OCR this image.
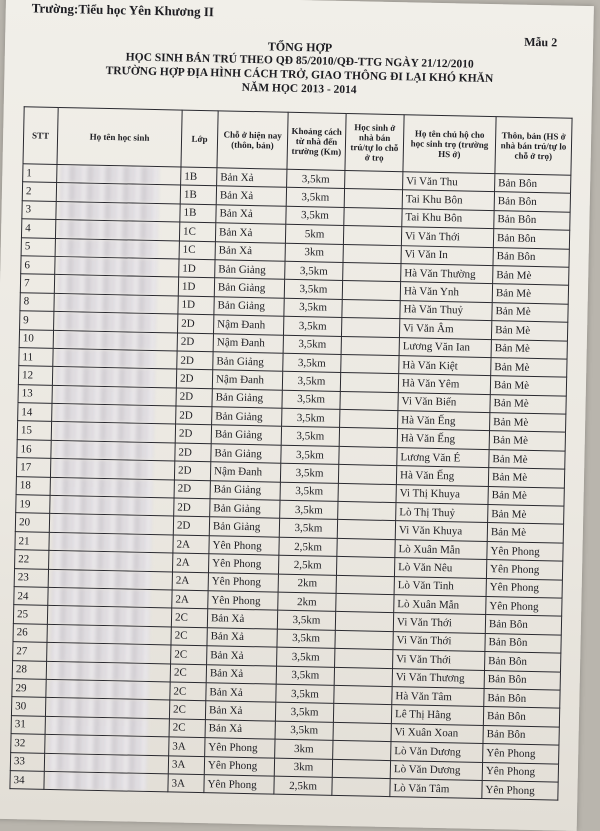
Trường:Tiểu học Yên Khương II
Mẫu 2
TỔNG HỢP
HỌC SINH BÁN TRÚ THEO QĐ 85/2010/QĐ-TTG NGÀY 21/12/2010
TRƯỜNG HỢP ĐỊA HÌNH CÁCH TRỞ, GIAO THÔNG ĐI LẠI KHÓ KHĂN
NĂM HỌC 2013 - 2014
STT	Họ tên học sinh	Lớp	Chỗ ở hiện nay (thôn, bản)	Khoảng cách từ nhà đến trường (Km)	Học sinh ở nhà bán trú/tự lo chỗ ở trọ	Họ tên chủ hộ cho học sinh trọ (trường HS ở)	Thôn, bản (HS ở nhà bán trú/tự lo chỗ ở trọ)
1		1B	Bản Xả	3,5km		Vi Văn Thu	Bản Bôn
2		1B	Bản Xả	3,5km		Tai Khu Bôn	Bản Bôn
3		1B	Bản Xả	3,5km		Tai Khu Bôn	Bản Bôn
4		1C	Bản Xả	5km		Vi Văn Thới	Bản Bôn
5		1C	Bản Xả	3km		Vi Văn In	Bản Bôn
6		1D	Bản Giảng	3,5km		Hà Văn Thường	Bản Mè
7		1D	Bản Giảng	3,5km		Hà Văn Ynh	Bản Mè
8		1D	Bản Giảng	3,5km		Hà Văn Thuỷ	Bản Mè
9		2D	Nậm Đanh	3,5km		Vi Văn Âm	Bản Mè
10		2D	Nậm Đanh	3,5km		Lương Văn Ian	Bản Mè
11		2D	Bản Giảng	3,5km		Hà Văn Kiệt	Bản Mè
12		2D	Nậm Đanh	3,5km		Hà Văn Yêm	Bản Mè
13		2D	Bản Giảng	3,5km		Vi Văn Biến	Bản Mè
14		2D	Bản Giảng	3,5km		Hà Văn Ếng	Bản Mè
15		2D	Bản Giảng	3,5km		Hà Văn Ếng	Bản Mè
16		2D	Bản Giảng	3,5km		Lương Văn É	Bản Mè
17		2D	Nậm Đanh	3,5km		Hà Văn Ếng	Bản Mè
18		2D	Bản Giảng	3,5km		Vi Thị Khuya	Bản Mè
19		2D	Bản Giảng	3,5km		Lò Thị Thuỷ	Bản Mè
20		2D	Bản Giảng	3,5km		Vi Văn Khuya	Bản Mè
21		2A	Yên Phong	2,5km		Lò Xuân Mẫn	Yên Phong
22		2A	Yên Phong	2,5km		Lò Văn Nêu	Yên Phong
23		2A	Yên Phong	2km		Lò Văn Tinh	Yên Phong
24		2A	Yên Phong	2km		Lò Xuân Mẫn	Yên Phong
25		2C	Bản Xả	3,5km		Vi Văn Thới	Bản Bôn
26		2C	Bản Xả	3,5km		Vi Văn Thới	Bản Bôn
27		2C	Bản Xả	3,5km		Vi Văn Thới	Bản Bôn
28		2C	Bản Xả	3,5km		Vi Văn Thương	Bản Bôn
29		2C	Bản Xả	3,5km		Hà Văn Tâm	Bản Bôn
30		2C	Bản Xả	3,5km		Lê Thị Hằng	Bản Bôn
31		2C	Bản Xả	3,5km		Vi Xuân Xoan	Bản Bôn
32		3A	Yên Phong	3km		Lò Văn Dương	Yên Phong
33		3A	Yên Phong	3km		Lò Văn Dương	Yên Phong
34		3A	Yên Phong	2,5km		Lò Văn Tâm	Yên Phong
